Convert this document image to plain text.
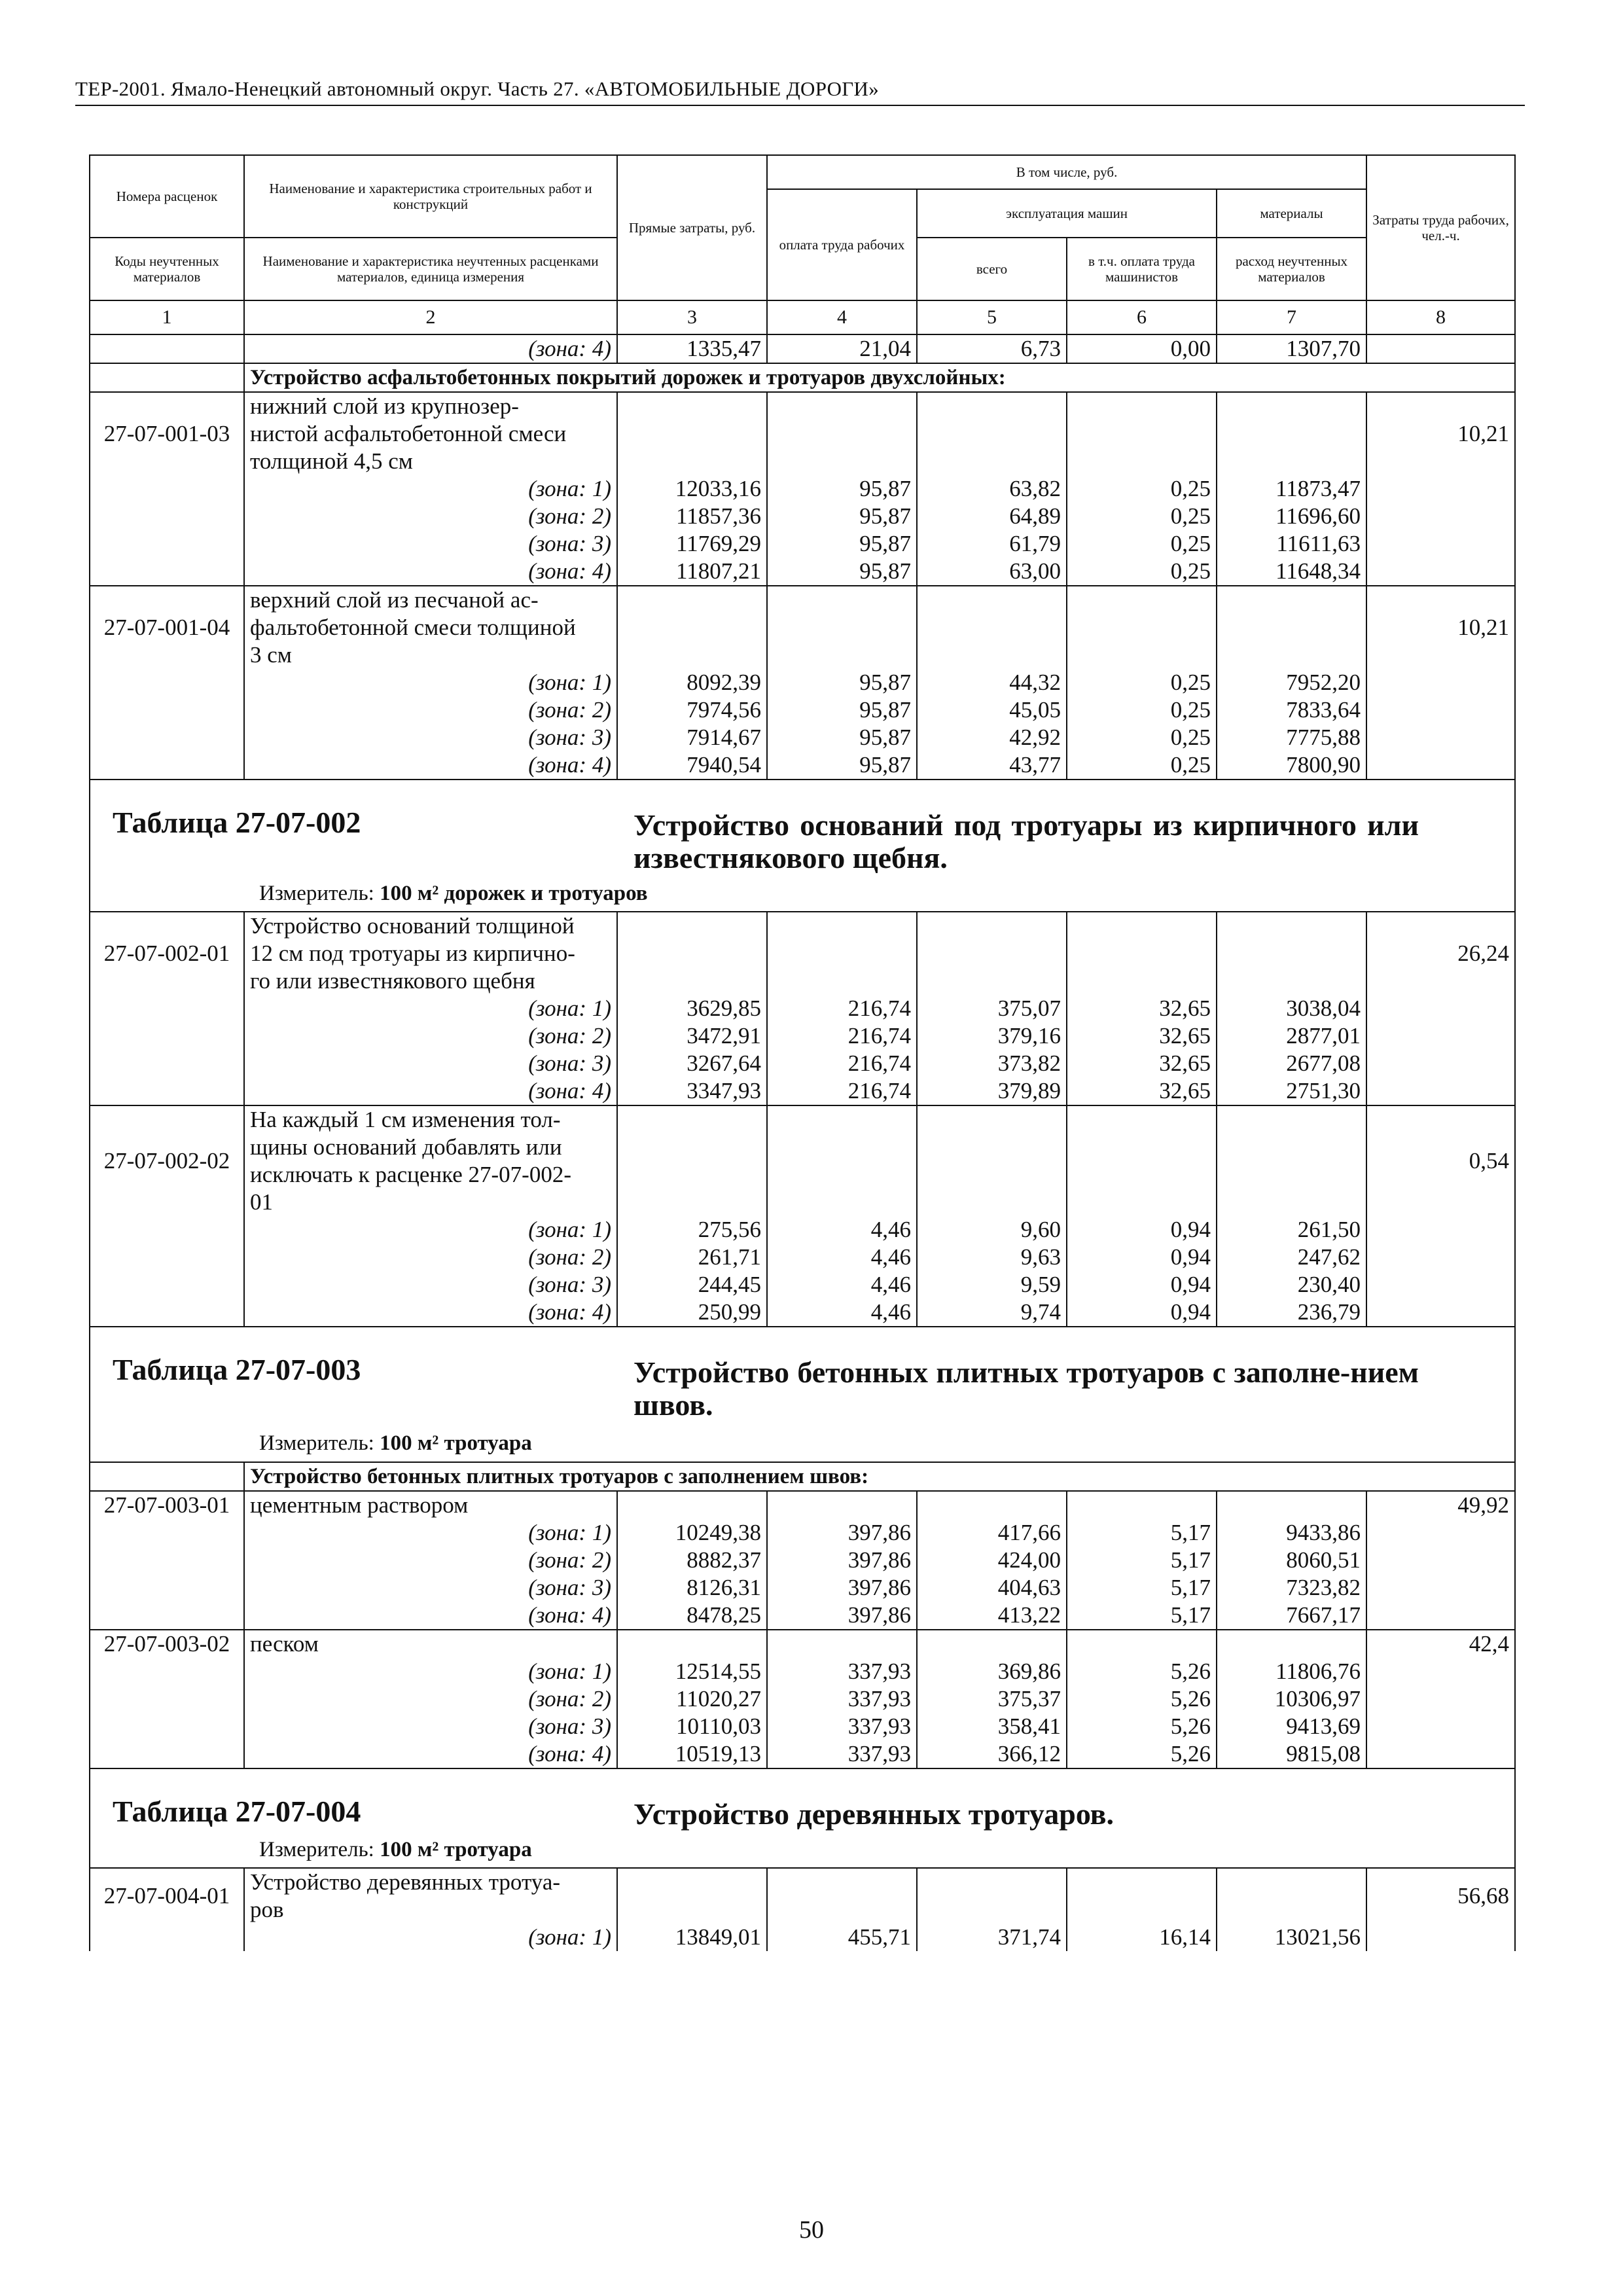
ТЕР-2001. Ямало-Ненецкий автономный округ. Часть 27. «АВТОМОБИЛЬНЫЕ ДОРОГИ»
Номера расценок	Наименование и характеристика строительных работ и конструкций	Прямые затраты, руб.	В том числе, руб.				Затраты труда рабочих, чел.-ч.
			оплата труда рабочих	эксплуатация машин		материалы	
Коды неучтенных материалов	Наименование и характеристика неучтенных расценками материалов, единица измерения			всего	в т.ч. оплата труда машинистов	расход неучтенных материалов	
1	2	3	4	5	6	7	8
	(зона: 4)	1335,47	21,04	6,73	0,00	1307,70	
	Устройство асфальтобетонных покрытий дорожек и тротуаров двухслойных:						
27-07-001-03	нижний слой из крупнозер-
нистой асфальтобетонной смеси
толщиной 4,5 см						10,21
	(зона: 1)	12033,16	95,87	63,82	0,25	11873,47	
	(зона: 2)	11857,36	95,87	64,89	0,25	11696,60	
	(зона: 3)	11769,29	95,87	61,79	0,25	11611,63	
	(зона: 4)	11807,21	95,87	63,00	0,25	11648,34	
27-07-001-04	верхний слой из песчаной ас-
фальтобетонной смеси толщиной
3 см						10,21
	(зона: 1)	8092,39	95,87	44,32	0,25	7952,20	
	(зона: 2)	7974,56	95,87	45,05	0,25	7833,64	
	(зона: 3)	7914,67	95,87	42,92	0,25	7775,88	
	(зона: 4)	7940,54	95,87	43,77	0,25	7800,90	

Таблица 27-07-002 Устройство оснований под тротуары из кирпичного или известнякового щебня.
Измеритель: 100 м² дорожек и тротуаров							

27-07-002-01	Устройство оснований толщиной
12 см под тротуары из кирпично-
го или известнякового щебня						26,24
	(зона: 1)	3629,85	216,74	375,07	32,65	3038,04	
	(зона: 2)	3472,91	216,74	379,16	32,65	2877,01	
	(зона: 3)	3267,64	216,74	373,82	32,65	2677,08	
	(зона: 4)	3347,93	216,74	379,89	32,65	2751,30	
27-07-002-02	На каждый 1 см изменения тол-
щины оснований добавлять или
исключать к расценке 27-07-002-
01						0,54
	(зона: 1)	275,56	4,46	9,60	0,94	261,50	
	(зона: 2)	261,71	4,46	9,63	0,94	247,62	
	(зона: 3)	244,45	4,46	9,59	0,94	230,40	
	(зона: 4)	250,99	4,46	9,74	0,94	236,79	

Таблица 27-07-003 Устройство бетонных плитных тротуаров с заполне-нием швов.
Измеритель: 100 м² тротуара							

	Устройство бетонных плитных тротуаров с заполнением швов:						
27-07-003-01	цементным раствором						49,92
	(зона: 1)	10249,38	397,86	417,66	5,17	9433,86	
	(зона: 2)	8882,37	397,86	424,00	5,17	8060,51	
	(зона: 3)	8126,31	397,86	404,63	5,17	7323,82	
	(зона: 4)	8478,25	397,86	413,22	5,17	7667,17	
27-07-003-02	песком						42,4
	(зона: 1)	12514,55	337,93	369,86	5,26	11806,76	
	(зона: 2)	11020,27	337,93	375,37	5,26	10306,97	
	(зона: 3)	10110,03	337,93	358,41	5,26	9413,69	
	(зона: 4)	10519,13	337,93	366,12	5,26	9815,08	

Таблица 27-07-004 Устройство деревянных тротуаров.
Измеритель: 100 м² тротуара							

27-07-004-01	Устройство деревянных тротуа-
ров						56,68
	(зона: 1)	13849,01	455,71	371,74	16,14	13021,56	
50
